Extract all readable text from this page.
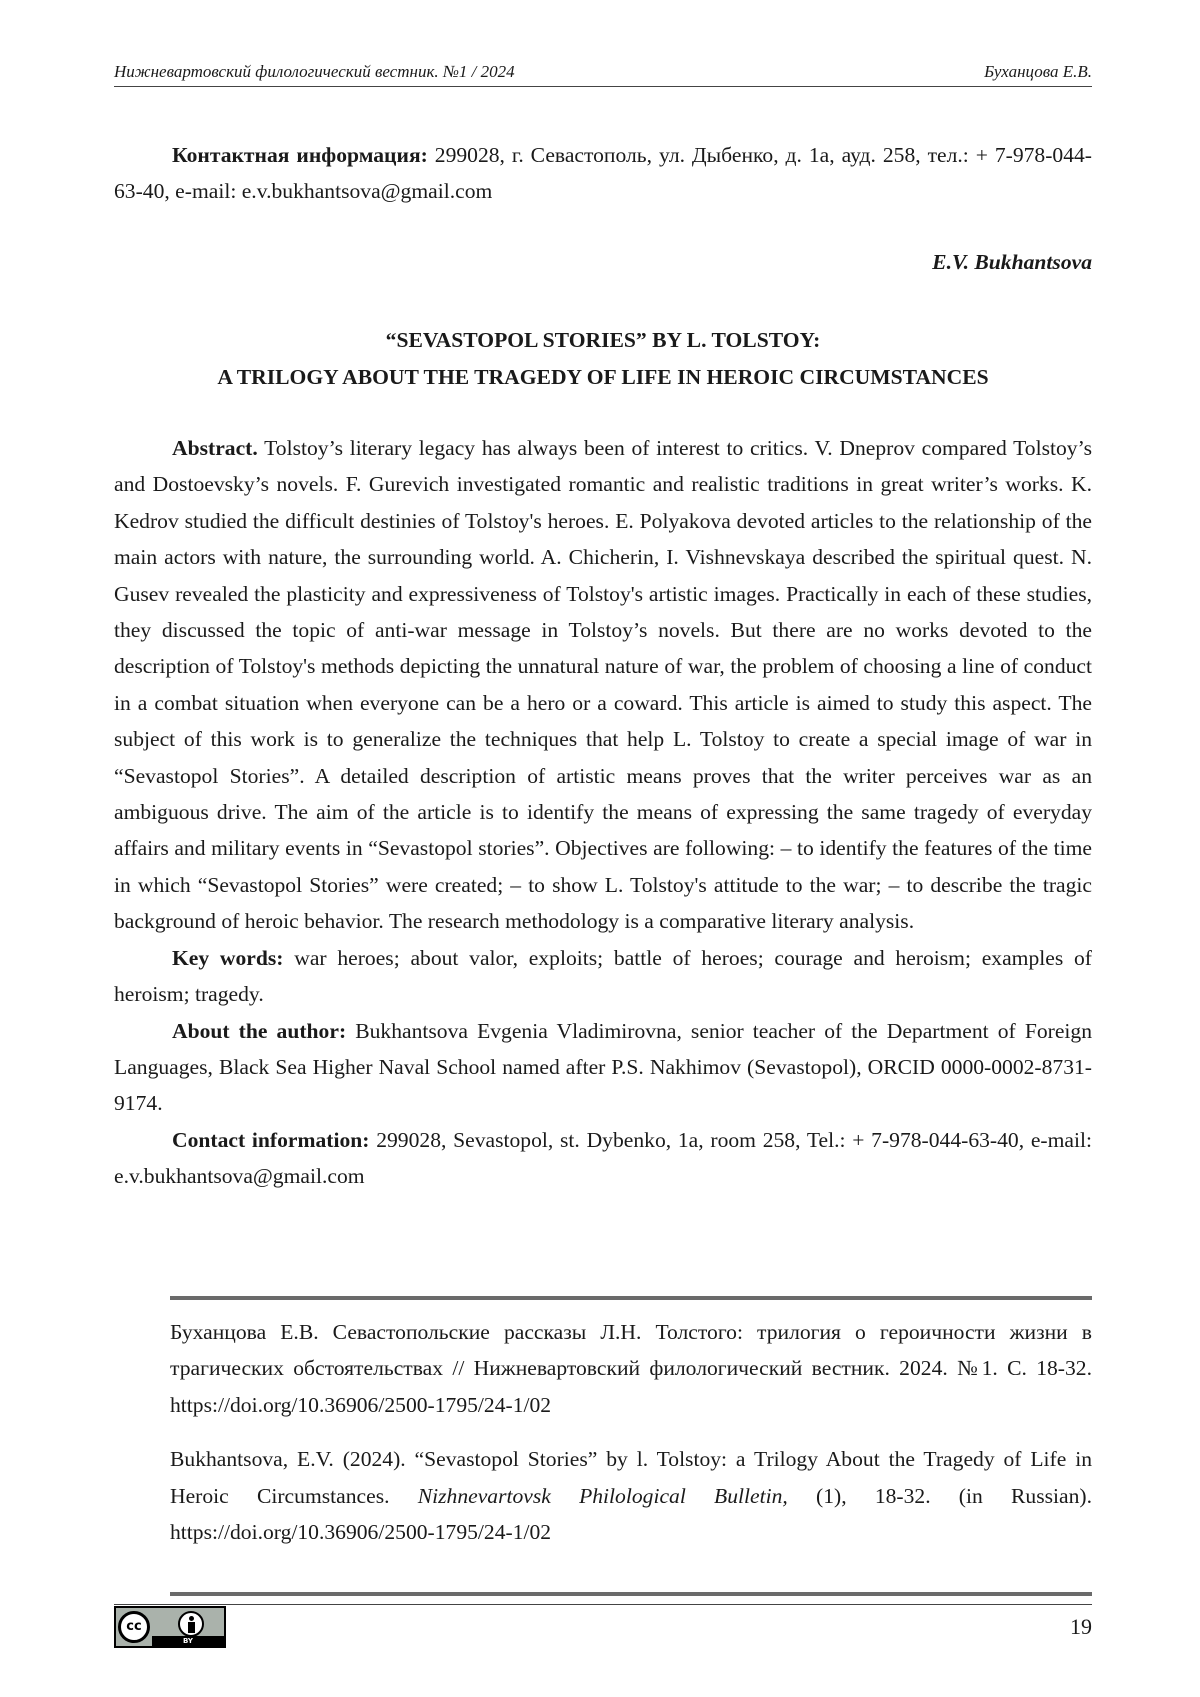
Нижневартовский филологический вестник. №1 / 2024	Буханцова Е.В.

Контактная информация: 299028, г. Севастополь, ул. Дыбенко, д. 1а, ауд. 258, тел.: + 7-978-044-63-40, e-mail: e.v.bukhantsova@gmail.com

E.V. Bukhantsova
“SEVASTOPOL STORIES” BY L. TOLSTOY:
A TRILOGY ABOUT THE TRAGEDY OF LIFE IN HEROIC CIRCUMSTANCES

Abstract. Tolstoy’s literary legacy has always been of interest to critics. V. Dneprov compared Tolstoy’s and Dostoevsky’s novels. F. Gurevich investigated romantic and realistic traditions in great writer’s works. K. Kedrov studied the difficult destinies of Tolstoy's heroes. E. Polyakova devoted articles to the relationship of the main actors with nature, the surrounding world. A. Chicherin, I. Vishnevskaya described the spiritual quest. N. Gusev revealed the plasticity and expressiveness of Tolstoy's artistic images. Practically in each of these studies, they discussed the topic of anti-war message in Tolstoy’s novels. But there are no works devoted to the description of Tolstoy's methods depicting the unnatural nature of war, the problem of choosing a line of conduct in a combat situation when everyone can be a hero or a coward. This article is aimed to study this aspect. The subject of this work is to generalize the techniques that help L. Tolstoy to create a special image of war in “Sevastopol Stories”. A detailed description of artistic means proves that the writer perceives war as an ambiguous drive. The aim of the article is to identify the means of expressing the same tragedy of everyday affairs and military events in “Sevastopol stories”. Objectives are following: – to identify the features of the time in which “Sevastopol Stories” were created; – to show L. Tolstoy's attitude to the war; – to describe the tragic background of heroic behavior. The research methodology is a comparative literary analysis.

Key words: war heroes; about valor, exploits; battle of heroes; courage and heroism; examples of heroism; tragedy.

About the author: Bukhantsova Evgenia Vladimirovna, senior teacher of the Department of Foreign Languages, Black Sea Higher Naval School named after P.S. Nakhimov (Sevastopol), ORCID 0000-0002-8731-9174.

Contact information: 299028, Sevastopol, st. Dybenko, 1a, room 258, Tel.: + 7-978-044-63-40, e-mail: e.v.bukhantsova@gmail.com

Буханцова Е.В. Севастопольские рассказы Л.Н. Толстого: трилогия о героичности жизни в трагических обстоятельствах // Нижневартовский филологический вестник. 2024. №1. С. 18-32. https://doi.org/10.36906/2500-1795/24-1/02

Bukhantsova, E.V. (2024). “Sevastopol Stories” by l. Tolstoy: a Trilogy About the Tragedy of Life in Heroic Circumstances. Nizhnevartovsk Philological Bulletin, (1), 18-32. (in Russian). https://doi.org/10.36906/2500-1795/24-1/02

cc
BY
19
